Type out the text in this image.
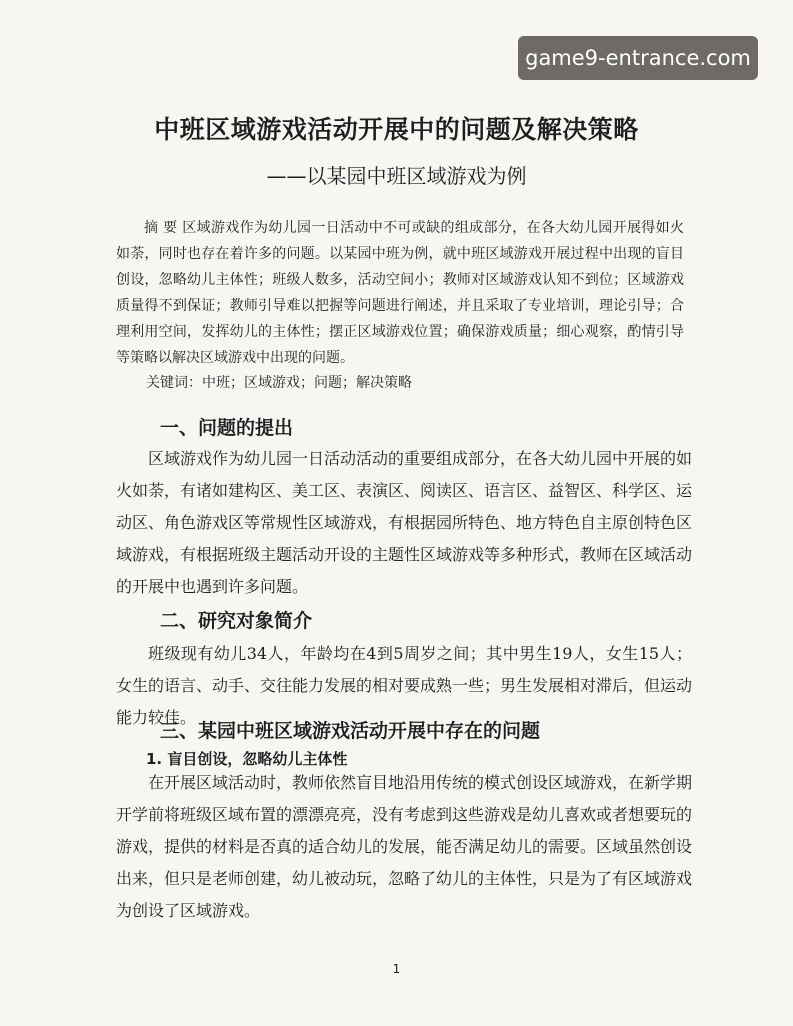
game9-entrance.com
中班区域游戏活动开展中的问题及解决策略
——以某园中班区域游戏为例

摘 要 区域游戏作为幼儿园一日活动中不可或缺的组成部分，在各大幼儿园开展得如火如荼，同时也存在着许多的问题。以某园中班为例，就中班区域游戏开展过程中出现的盲目创设，忽略幼儿主体性；班级人数多，活动空间小；教师对区域游戏认知不到位；区域游戏质量得不到保证；教师引导难以把握等问题进行阐述，并且采取了专业培训，理论引导；合理利用空间，发挥幼儿的主体性；摆正区域游戏位置；确保游戏质量；细心观察，酌情引导等策略以解决区域游戏中出现的问题。

关键词：中班；区域游戏；问题；解决策略
一、问题的提出

区域游戏作为幼儿园一日活动活动的重要组成部分，在各大幼儿园中开展的如火如荼，有诸如建构区、美工区、表演区、阅读区、语言区、益智区、科学区、运动区、角色游戏区等常规性区域游戏，有根据园所特色、地方特色自主原创特色区域游戏，有根据班级主题活动开设的主题性区域游戏等多种形式，教师在区域活动的开展中也遇到许多问题。

二、研究对象简介

班级现有幼儿34人，年龄均在4到5周岁之间；其中男生19人，女生15人；女生的语言、动手、交往能力发展的相对要成熟一些；男生发展相对滞后，但运动能力较佳。

三、某园中班区域游戏活动开展中存在的问题
1. 盲目创设，忽略幼儿主体性

在开展区域活动时，教师依然盲目地沿用传统的模式创设区域游戏，在新学期开学前将班级区域布置的漂漂亮亮，没有考虑到这些游戏是幼儿喜欢或者想要玩的游戏，提供的材料是否真的适合幼儿的发展，能否满足幼儿的需要。区域虽然创设出来，但只是老师创建，幼儿被动玩，忽略了幼儿的主体性，只是为了有区域游戏为创设了区域游戏。

1
